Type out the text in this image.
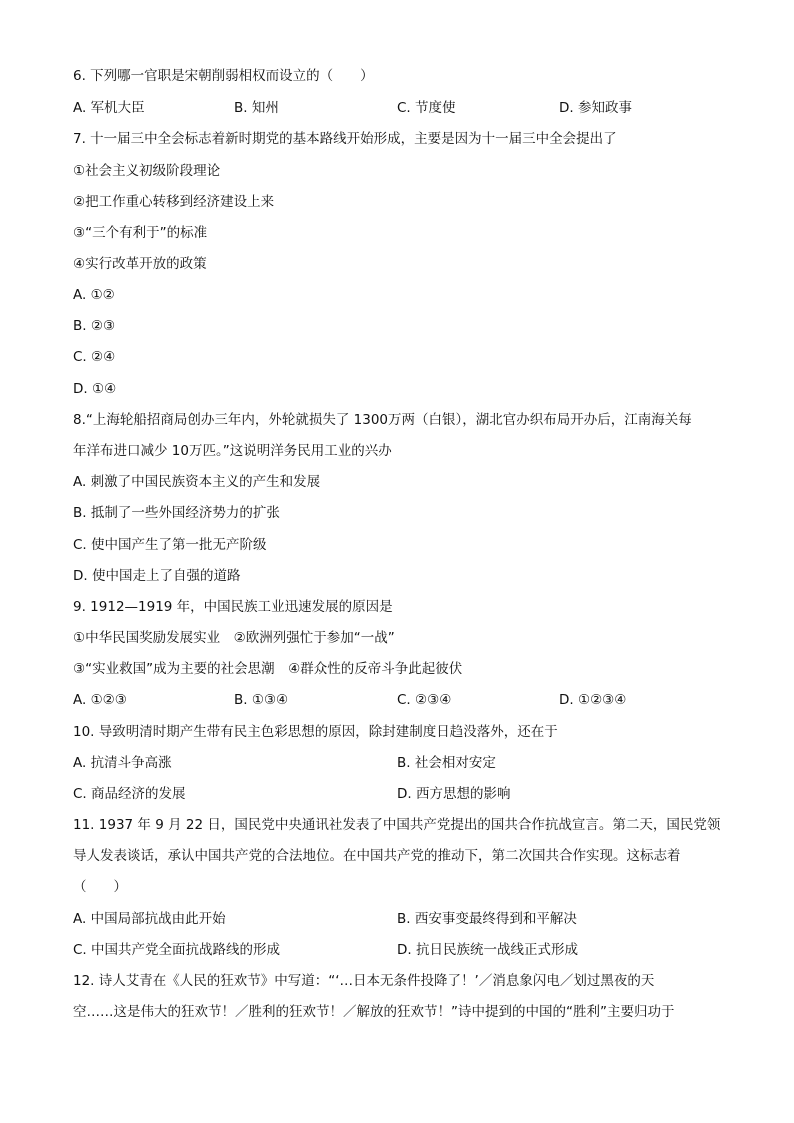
6. 下列哪一官职是宋朝削弱相权而设立的（　　）
A. 军机大臣	B. 知州	C. 节度使	D. 参知政事
7. 十一届三中全会标志着新时期党的基本路线开始形成，主要是因为十一届三中全会提出了
①社会主义初级阶段理论
②把工作重心转移到经济建设上来
③“三个有利于”的标准
④实行改革开放的政策
A. ①②
B. ②③
C. ②④
D. ①④
8.“上海轮船招商局创办三年内，外轮就损失了 1300万两（白银），湖北官办织布局开办后，江南海关每
年洋布进口减少 10万匹。”这说明洋务民用工业的兴办
A. 刺激了中国民族资本主义的产生和发展
B. 抵制了一些外国经济势力的扩张
C. 使中国产生了第一批无产阶级
D. 使中国走上了自强的道路
9. 1912—1919 年，中国民族工业迅速发展的原因是
①中华民国奖励发展实业　②欧洲列强忙于参加“一战”
③“实业救国”成为主要的社会思潮　④群众性的反帝斗争此起彼伏
A. ①②③	B. ①③④	C. ②③④	D. ①②③④
10. 导致明清时期产生带有民主色彩思想的原因，除封建制度日趋没落外，还在于
A. 抗清斗争高涨	B. 社会相对安定
C. 商品经济的发展	D. 西方思想的影响
11. 1937 年 9 月 22 日，国民党中央通讯社发表了中国共产党提出的国共合作抗战宣言。第二天，国民党领
导人发表谈话，承认中国共产党的合法地位。在中国共产党的推动下，第二次国共合作实现。这标志着
（　　）
A. 中国局部抗战由此开始	B. 西安事变最终得到和平解决
C. 中国共产党全面抗战路线的形成	D. 抗日民族统一战线正式形成
12. 诗人艾青在《人民的狂欢节》中写道：“‘…日本无条件投降了！’／消息象闪电／划过黑夜的天
空……这是伟大的狂欢节！／胜利的狂欢节！／解放的狂欢节！”诗中提到的中国的“胜利”主要归功于
